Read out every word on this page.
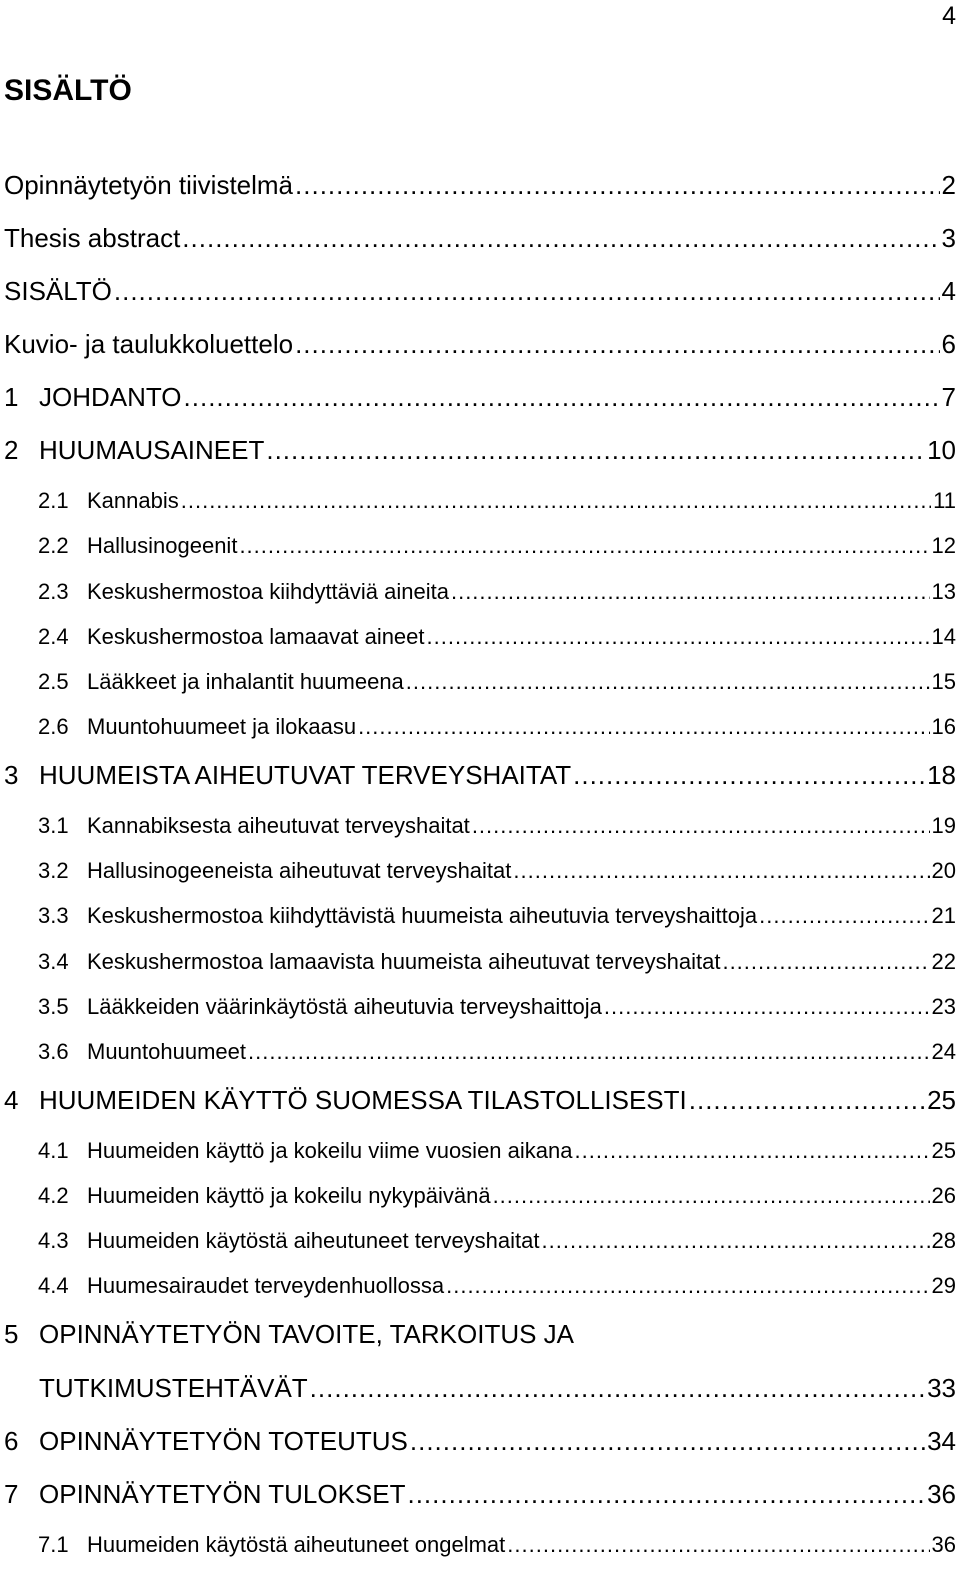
4
SISÄLTÖ
Opinnäytetyön tiivistelmä .....	2
Thesis abstract .....	3
SISÄLTÖ .....	4
Kuvio- ja taulukkoluettelo .....	6
1 JOHDANTO .....	7
2 HUUMAUSAINEET .....	10
2.1 Kannabis .....	11
2.2 Hallusinogeenit .....	12
2.3 Keskushermostoa kiihdyttäviä aineita .....	13
2.4 Keskushermostoa lamaavat aineet .....	14
2.5 Lääkkeet ja inhalantit huumeena .....	15
2.6 Muuntohuumeet ja ilokaasu .....	16
3 HUUMEISTA AIHEUTUVAT TERVEYSHAITAT .....	18
3.1 Kannabiksesta aiheutuvat terveyshaitat .....	19
3.2 Hallusinogeeneista aiheutuvat terveyshaitat .....	20
3.3 Keskushermostoa kiihdyttävistä huumeista aiheutuvia terveyshaittoja .....	21
3.4 Keskushermostoa lamaavista huumeista aiheutuvat terveyshaitat .....	22
3.5 Lääkkeiden väärinkäytöstä aiheutuvia terveyshaittoja .....	23
3.6 Muuntohuumeet .....	24
4 HUUMEIDEN KÄYTTÖ SUOMESSA TILASTOLLISESTI .....	25
4.1 Huumeiden käyttö ja kokeilu viime vuosien aikana .....	25
4.2 Huumeiden käyttö ja kokeilu nykypäivänä .....	26
4.3 Huumeiden käytöstä aiheutuneet terveyshaitat .....	28
4.4 Huumesairaudet terveydenhuollossa .....	29
5 OPINNÄYTETYÖN TAVOITE, TARKOITUS JA
TUTKIMUSTEHTÄVÄT .....	33
6 OPINNÄYTETYÖN TOTEUTUS .....	34
7 OPINNÄYTETYÖN TULOKSET .....	36
7.1 Huumeiden käytöstä aiheutuneet ongelmat .....	36
